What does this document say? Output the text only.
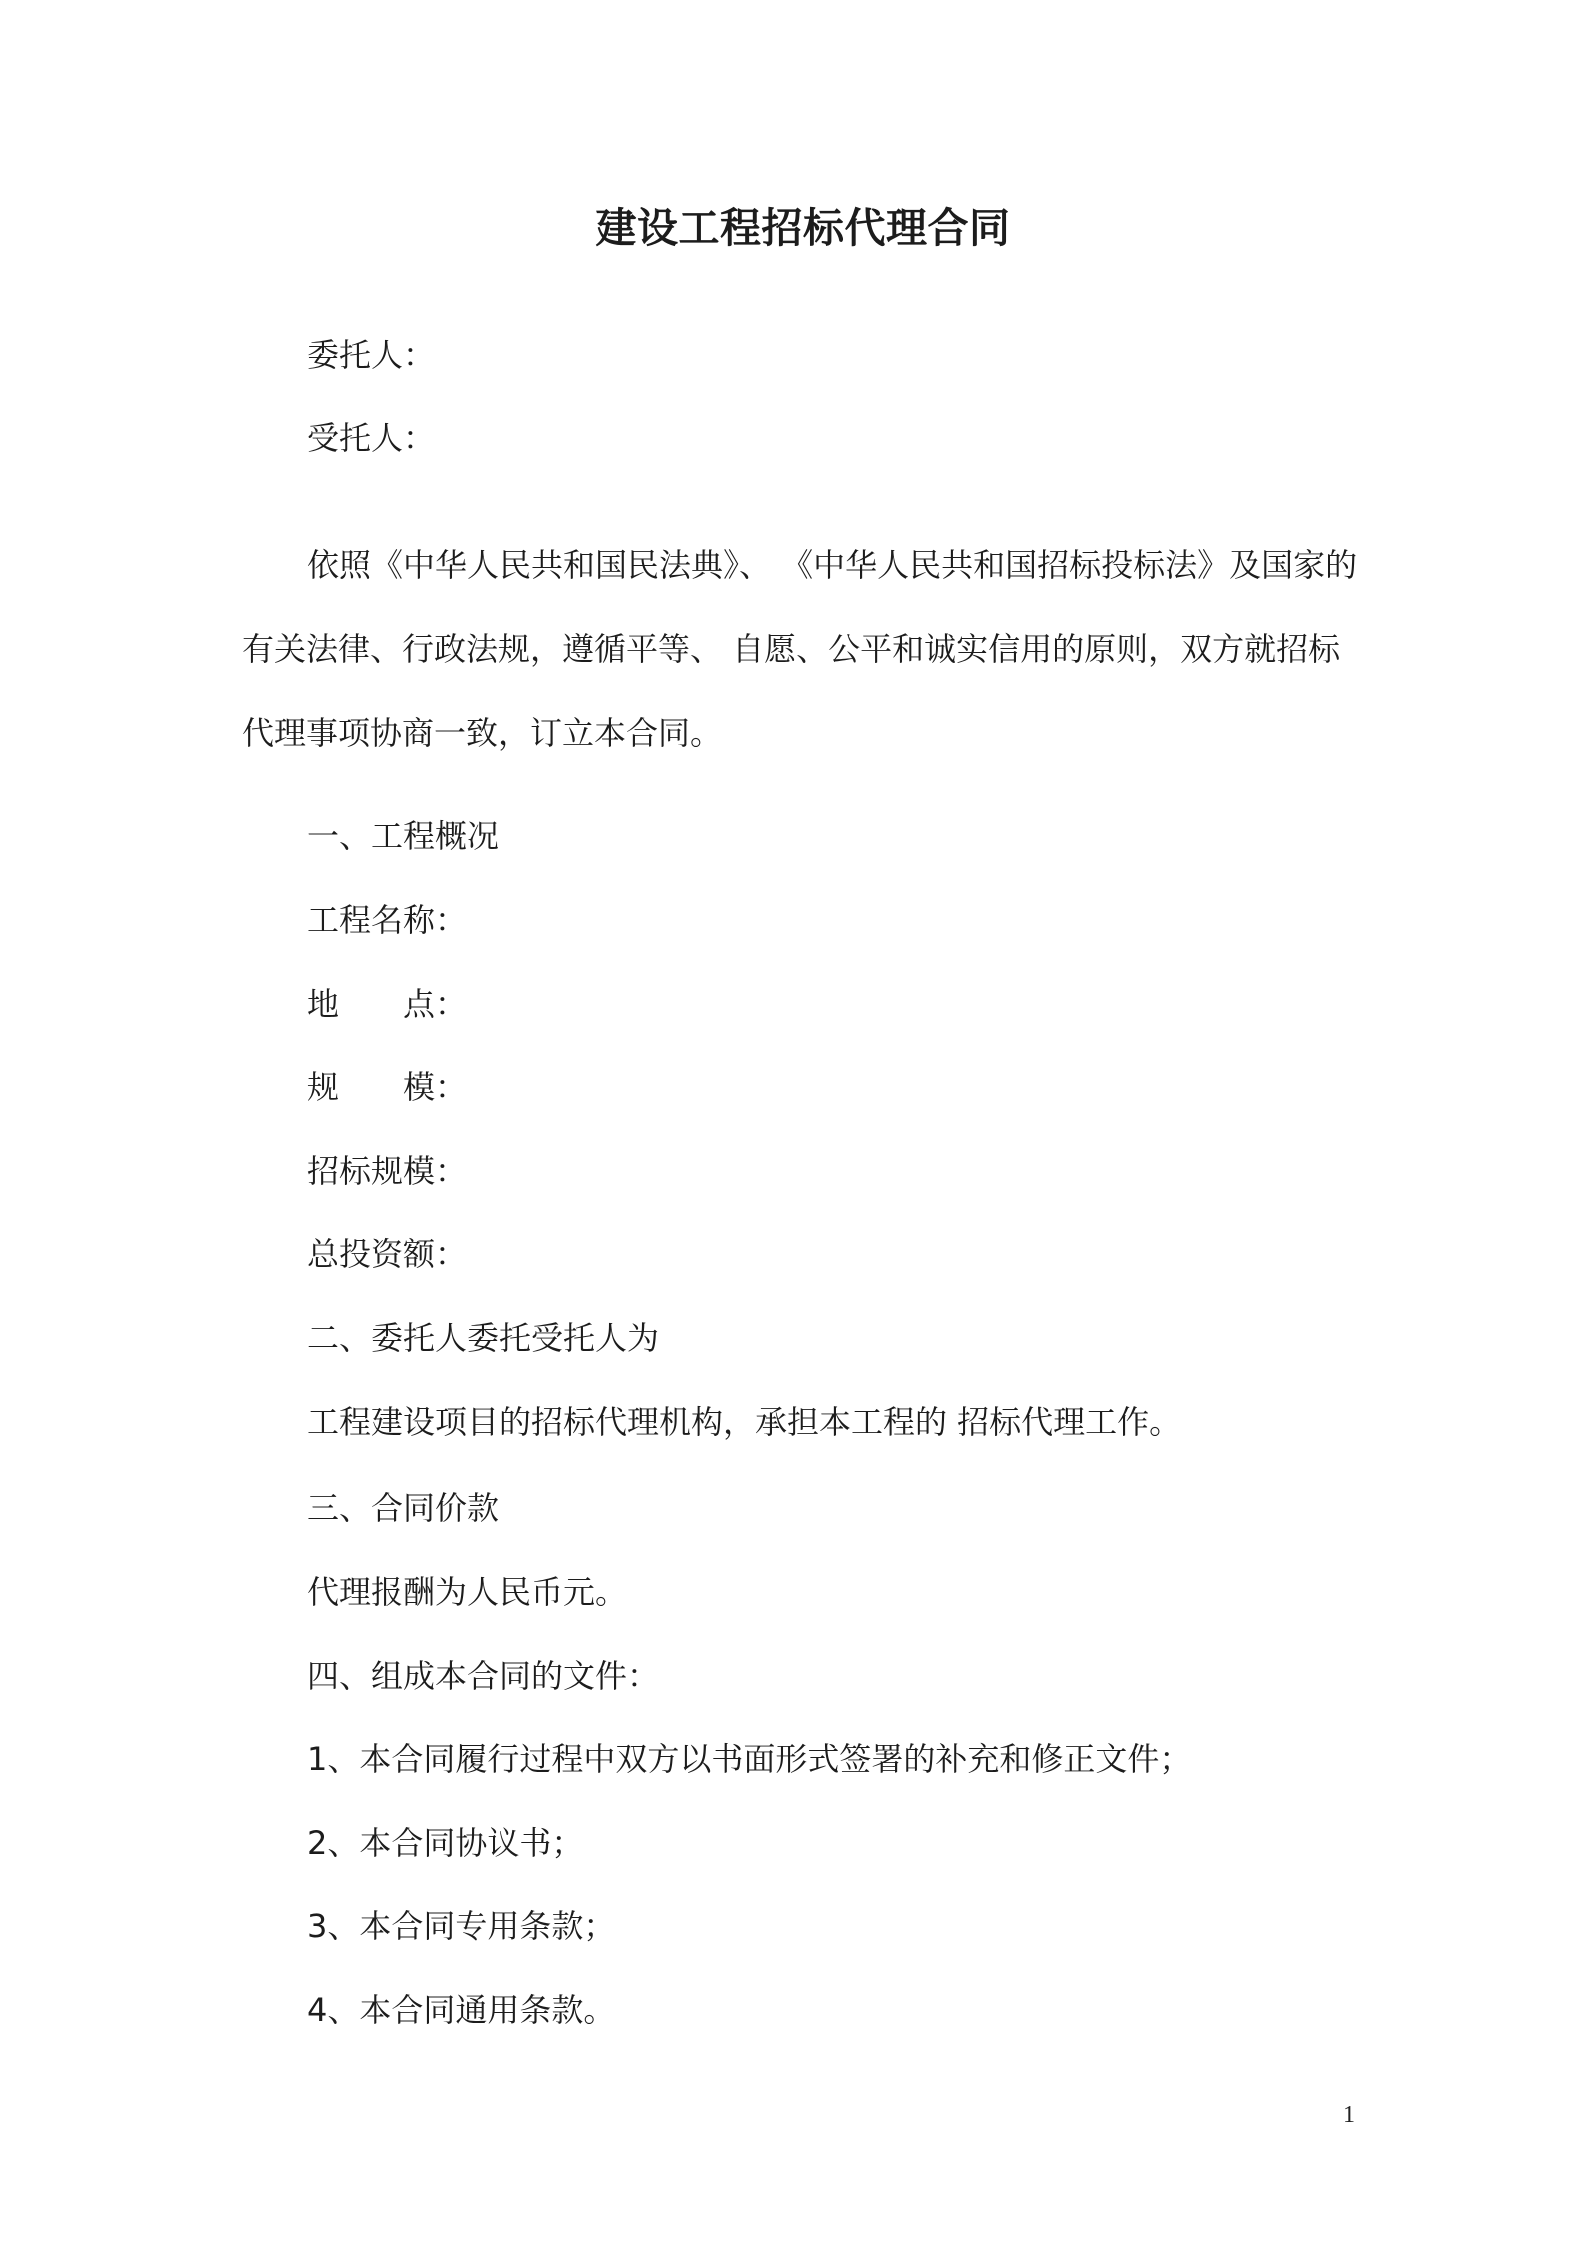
建设工程招标代理合同
委托人：
受托人：
依照《中华人民共和国民法典》、 《中华人民共和国招标投标法》及国家的
有关法律、行政法规，遵循平等、 自愿、公平和诚实信用的原则，双方就招标
代理事项协商一致，订立本合同。
一、工程概况
工程名称：
地　　点：
规　　模：
招标规模：
总投资额：
二、委托人委托受托人为
工程建设项目的招标代理机构，承担本工程的 招标代理工作。
三、合同价款
代理报酬为人民币元。
四、组成本合同的文件：
1、本合同履行过程中双方以书面形式签署的补充和修正文件；
2、本合同协议书；
3、本合同专用条款；
4、本合同通用条款。
1
